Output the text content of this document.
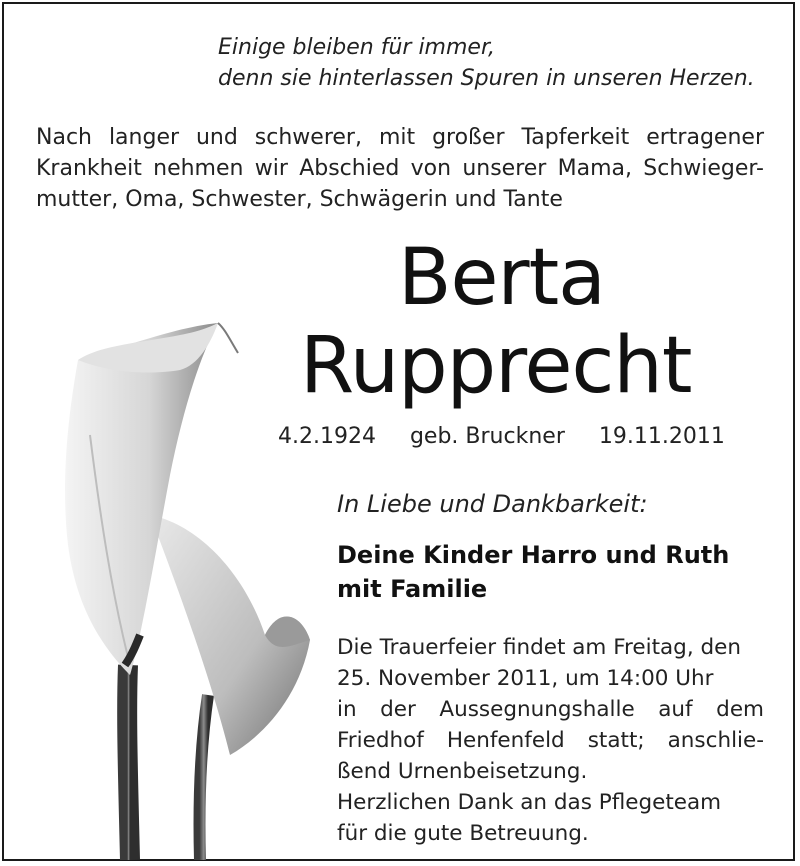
Einige bleiben für immer,
denn sie hinterlassen Spuren in unseren Herzen.
Nach langer und schwerer, mit großer Tapferkeit ertragener Krankheit nehmen wir Abschied von unserer Mama, Schwieger-mutter, Oma, Schwester, Schwägerin und Tante
Berta
Rupprecht
4.2.1924 geb. Bruckner 19.11.2011
In Liebe und Dankbarkeit:
Deine Kinder Harro und Ruth
mit Familie
Die Trauerfeier findet am Freitag, den
25. November 2011, um 14:00 Uhr
in der Aussegnungshalle auf dem
Friedhof Henfenfeld statt; anschlie-
ßend Urnenbeisetzung.
Herzlichen Dank an das Pflegeteam
für die gute Betreuung.
